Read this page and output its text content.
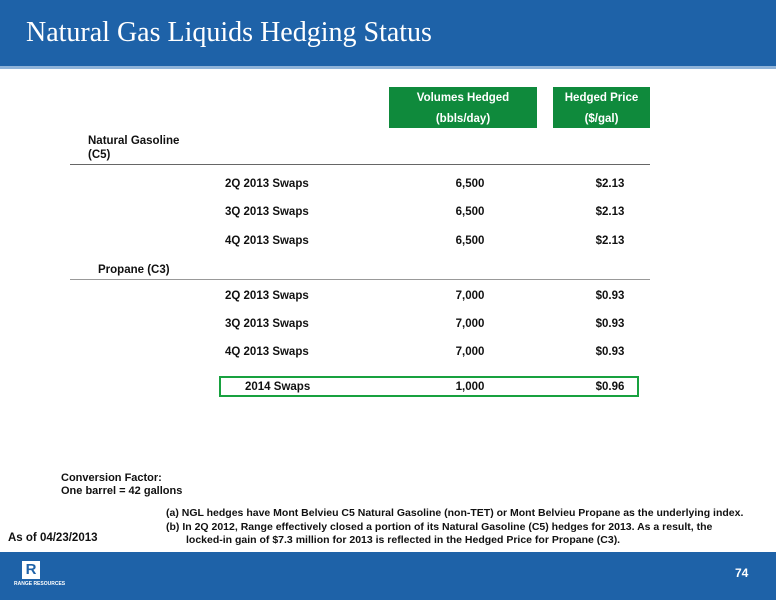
Natural Gas Liquids Hedging Status
Volumes Hedged
(bbls/day)
Hedged Price
($/gal)
Natural Gasoline
(C5)
2Q 2013 Swaps	6,500	$2.13
3Q 2013 Swaps	6,500	$2.13
4Q 2013 Swaps	6,500	$2.13
Propane (C3)
2Q 2013 Swaps	7,000	$0.93
3Q 2013 Swaps	7,000	$0.93
4Q 2013 Swaps	7,000	$0.93
2014 Swaps	1,000	$0.96
Conversion Factor:
One barrel = 42 gallons
(a) NGL hedges have Mont Belvieu C5 Natural Gasoline (non-TET) or Mont Belvieu Propane as the underlying index.
(b) In 2Q 2012, Range effectively closed a portion of its Natural Gasoline (C5) hedges for 2013. As a result, the
locked-in gain of $7.3 million for 2013 is reflected in the Hedged Price for Propane (C3).
As of 04/23/2013
R
RANGE RESOURCES
74
